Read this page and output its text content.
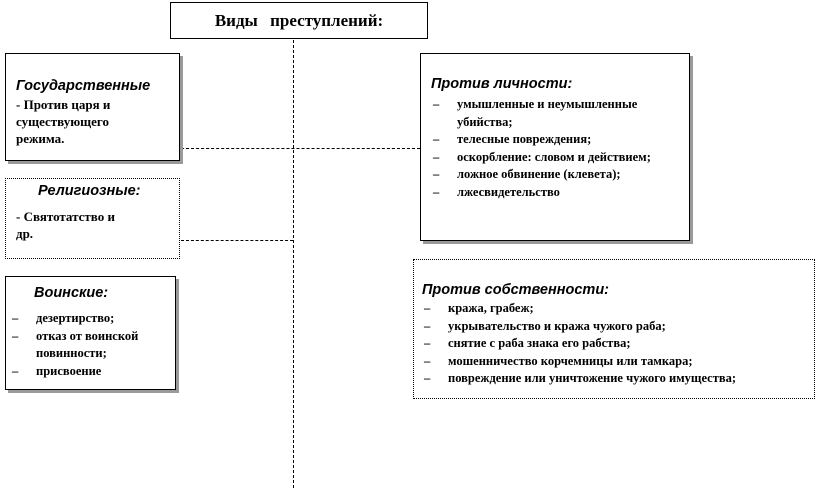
Виды преступлений:
Государственные
- Против царя и
существующего
режима.
Религиозные:
- Святотатство и
др.
Воинские:
– дезертирство;
– отказ от воинской повинности;
– присвоение
Против личности:
– умышленные и неумышленные убийства;
– телесные повреждения;
– оскорбление: словом и действием;
– ложное обвинение (клевета);
– лжесвидетельство
Против собственности:
– кража, грабеж;
– укрывательство и кража чужого раба;
– снятие с раба знака его рабства;
– мошенничество корчемницы или тамкара;
– повреждение или уничтожение чужого имущества;
